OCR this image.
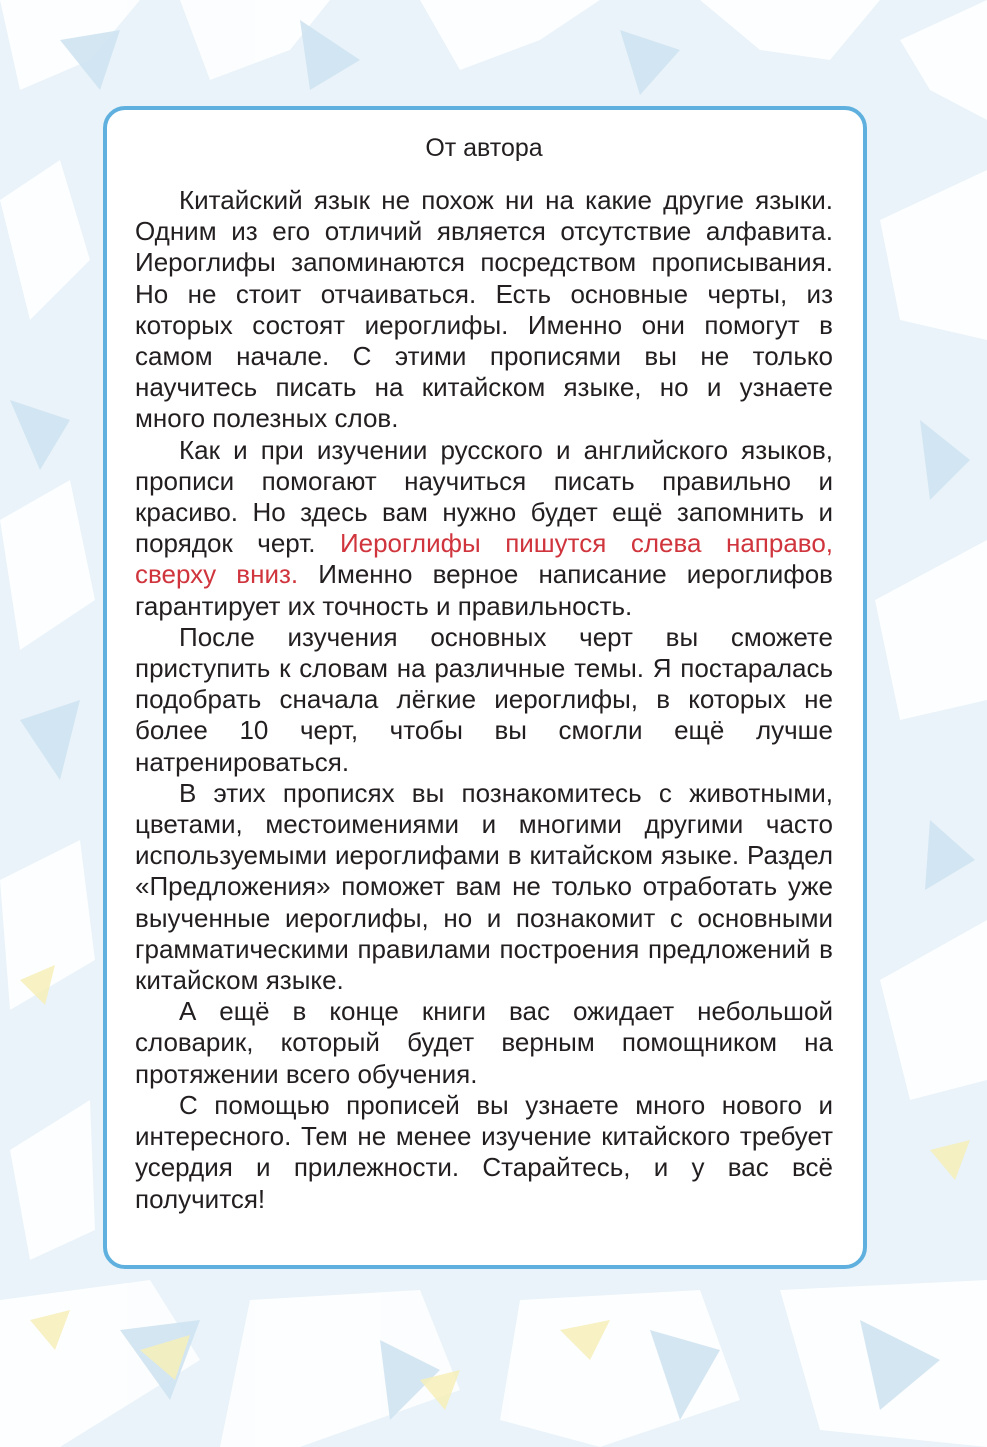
От автора

Китайский язык не похож ни на какие другие языки. Одним из его отличий является отсутствие алфавита. Иероглифы запоминаются посредством прописывания. Но не стоит отчаиваться. Есть основные черты, из которых состоят иероглифы. Именно они помогут в самом начале. С этими прописями вы не только научитесь писать на китайском языке, но и узнаете много полезных слов.

Как и при изучении русского и английского языков, прописи помогают научиться писать правильно и красиво. Но здесь вам нужно будет ещё запомнить и порядок черт. Иероглифы пишутся слева направо, сверху вниз. Именно верное написание иероглифов гарантирует их точность и правильность.

После изучения основных черт вы сможете приступить к словам на различные темы. Я постаралась подобрать сначала лёгкие иероглифы, в которых не более 10 черт, чтобы вы смогли ещё лучше натренироваться.

В этих прописях вы познакомитесь с животными, цветами, местоимениями и многими другими часто используемыми иероглифами в китайском языке. Раздел «Предложения» поможет вам не только отработать уже выученные иероглифы, но и познакомит с основными грамматическими правилами построения предложений в китайском языке.

А ещё в конце книги вас ожидает небольшой словарик, который будет верным помощником на протяжении всего обучения.

С помощью прописей вы узнаете много нового и интересного. Тем не менее изучение китайского требует усердия и прилежности. Старайтесь, и у вас всё получится!
